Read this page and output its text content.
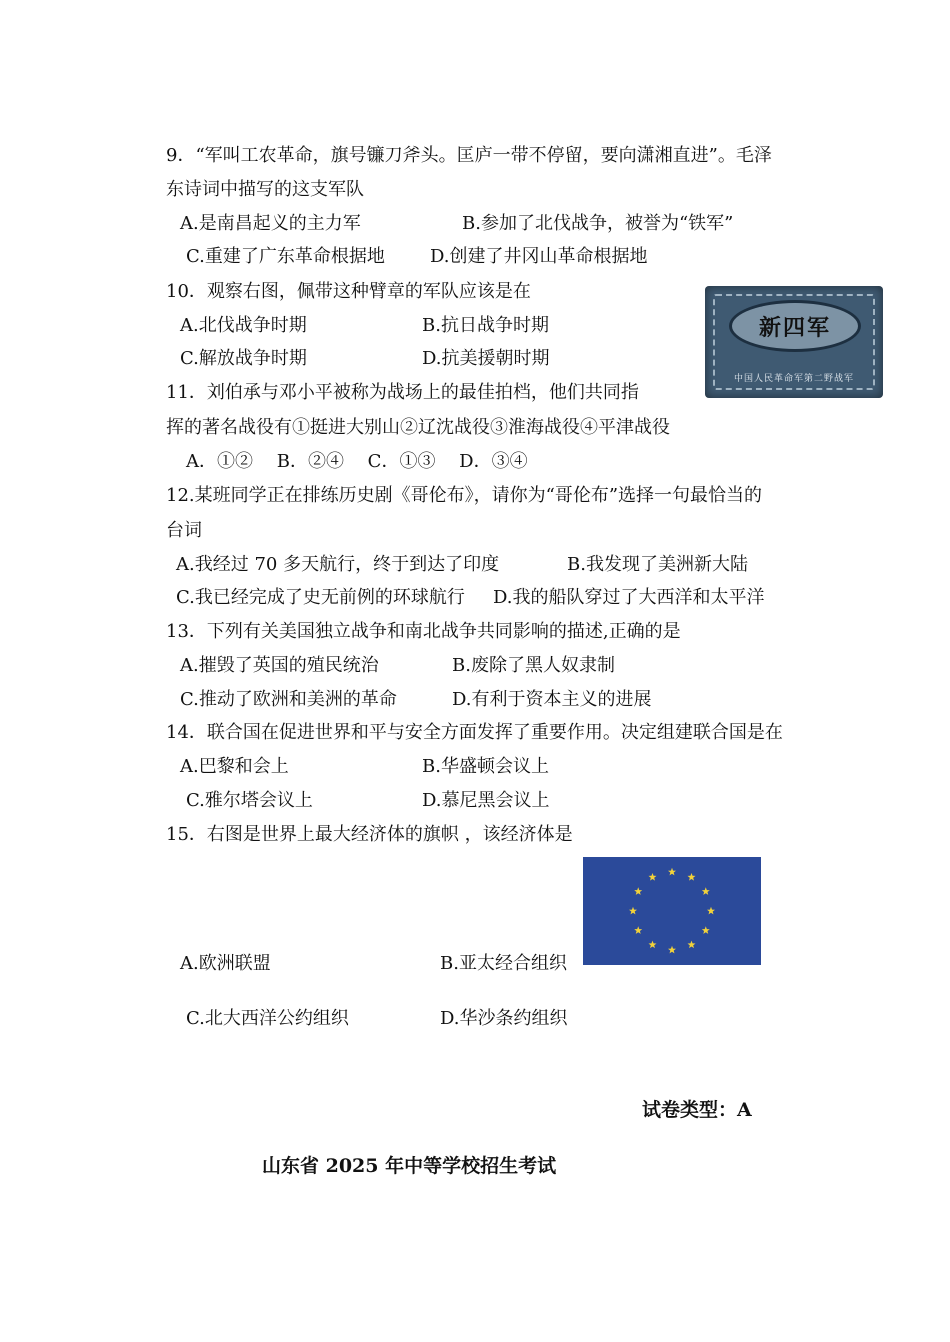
9．“军叫工农革命，旗号镰刀斧头。匡庐一带不停留，要向潇湘直进”。毛泽
东诗词中描写的这支军队
A.是南昌起义的主力军	B.参加了北伐战争，被誉为“铁军”
C.重建了广东革命根据地	D.创建了井冈山革命根据地
10．观察右图，佩带这种臂章的军队应该是在
A.北伐战争时期	B.抗日战争时期
C.解放战争时期	D.抗美援朝时期
新四军
中国人民革命军第二野战军
11．刘伯承与邓小平被称为战场上的最佳拍档，他们共同指
挥的著名战役有①挺进大别山②辽沈战役③淮海战役④平津战役
A．①②　 B．②④　 C．①③　 D．③④
12.某班同学正在排练历史剧《哥伦布》，请你为“哥伦布”选择一句最恰当的
台词
A.我经过 70 多天航行，终于到达了印度	B.我发现了美洲新大陆
C.我已经完成了史无前例的环球航行 D.我的船队穿过了大西洋和太平洋
13．下列有关美国独立战争和南北战争共同影响的描述,正确的是
A.摧毁了英国的殖民统治	B.废除了黑人奴隶制
C.推动了欧洲和美洲的革命	D.有利于资本主义的进展
14．联合国在促进世界和平与安全方面发挥了重要作用。决定组建联合国是在
A.巴黎和会上	B.华盛顿会议上
C.雅尔塔会议上	D.慕尼黑会议上
15．右图是世界上最大经济体的旗帜 ，该经济体是
A.欧洲联盟	B.亚太经合组织
C.北大西洋公约组织	D.华沙条约组织
试卷类型：A
山东省 2025 年中等学校招生考试
